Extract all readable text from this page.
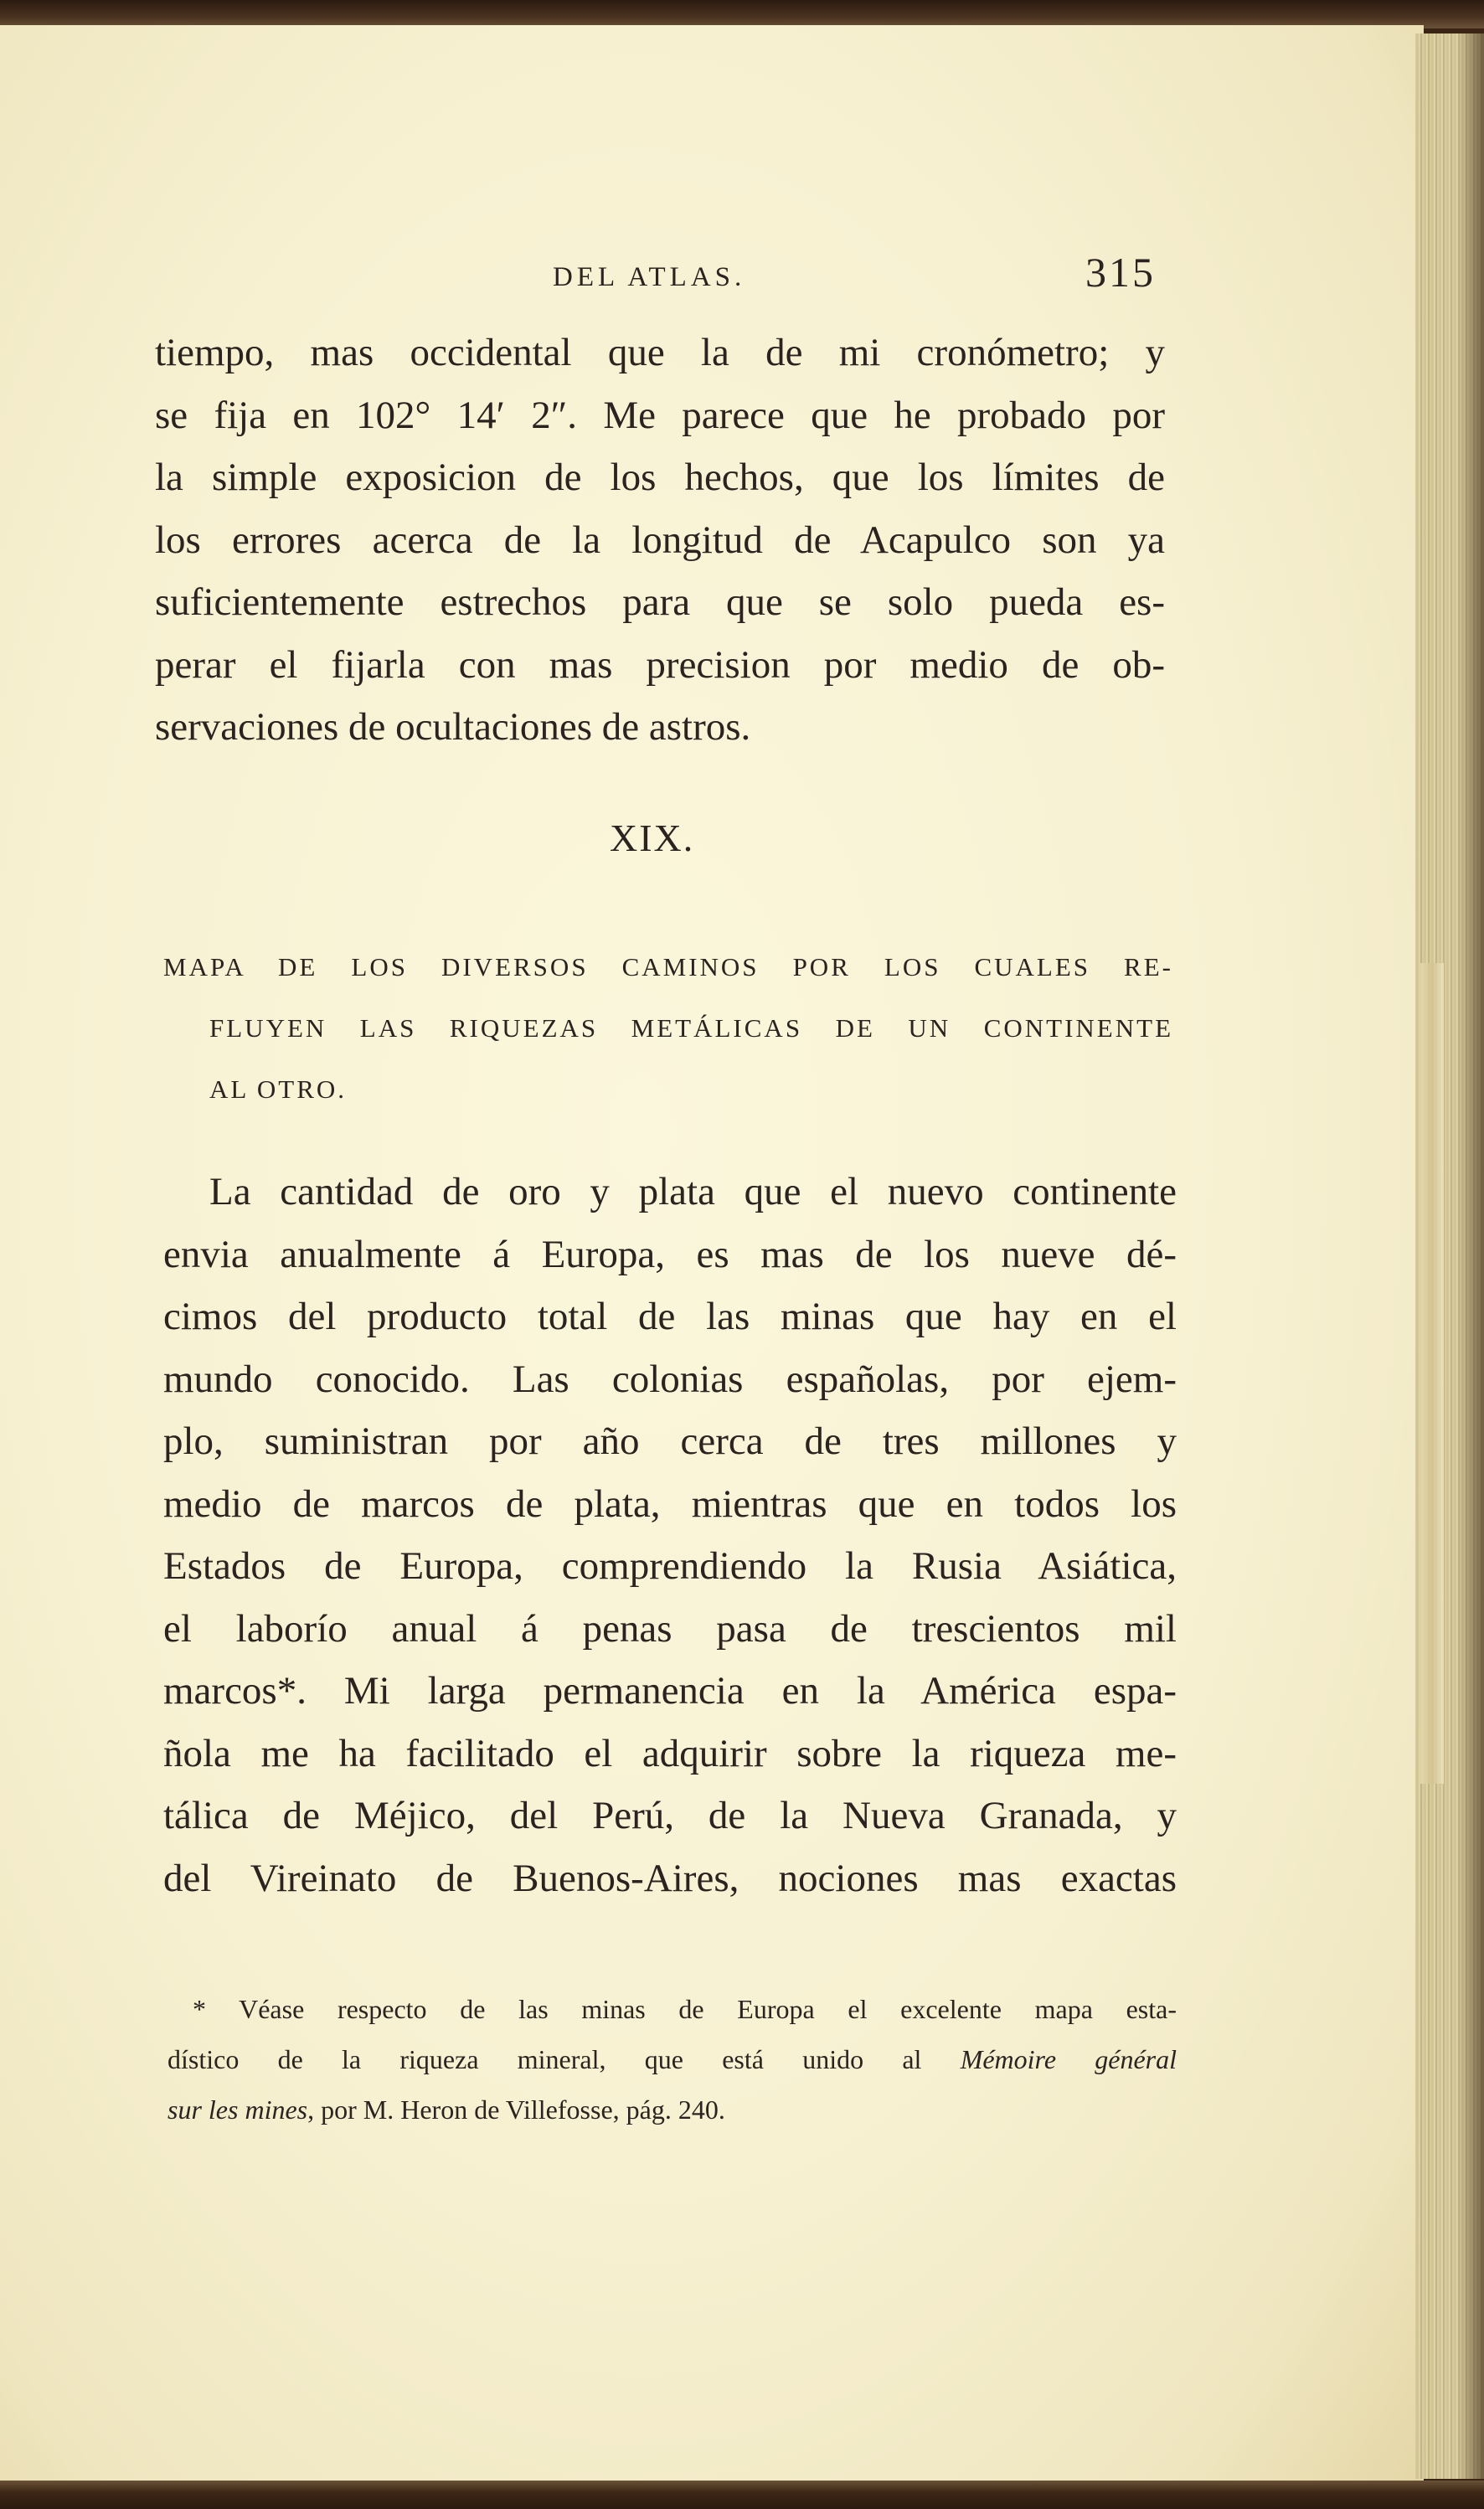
DEL ATLAS.	315
tiempo, mas occidental que la de mi cronómetro; y
se fija en 102° 14′ 2″. Me parece que he probado por
la simple exposicion de los hechos, que los límites de
los errores acerca de la longitud de Acapulco son ya
suficientemente estrechos para que se solo pueda es-
perar el fijarla con mas precision por medio de ob-
servaciones de ocultaciones de astros.
XIX.
MAPA DE LOS DIVERSOS CAMINOS POR LOS CUALES RE-
FLUYEN LAS RIQUEZAS METÁLICAS DE UN CONTINENTE
AL OTRO.
La cantidad de oro y plata que el nuevo continente
envia anualmente á Europa, es mas de los nueve dé-
cimos del producto total de las minas que hay en el
mundo conocido. Las colonias españolas, por ejem-
plo, suministran por año cerca de tres millones y
medio de marcos de plata, mientras que en todos los
Estados de Europa, comprendiendo la Rusia Asiática,
el laborío anual á penas pasa de trescientos mil
marcos*. Mi larga permanencia en la América espa-
ñola me ha facilitado el adquirir sobre la riqueza me-
tálica de Méjico, del Perú, de la Nueva Granada, y
del Vireinato de Buenos-Aires, nociones mas exactas
* Véase respecto de las minas de Europa el excelente mapa esta-
dístico de la riqueza mineral, que está unido al Mémoire général
sur les mines, por M. Heron de Villefosse, pág. 240.
